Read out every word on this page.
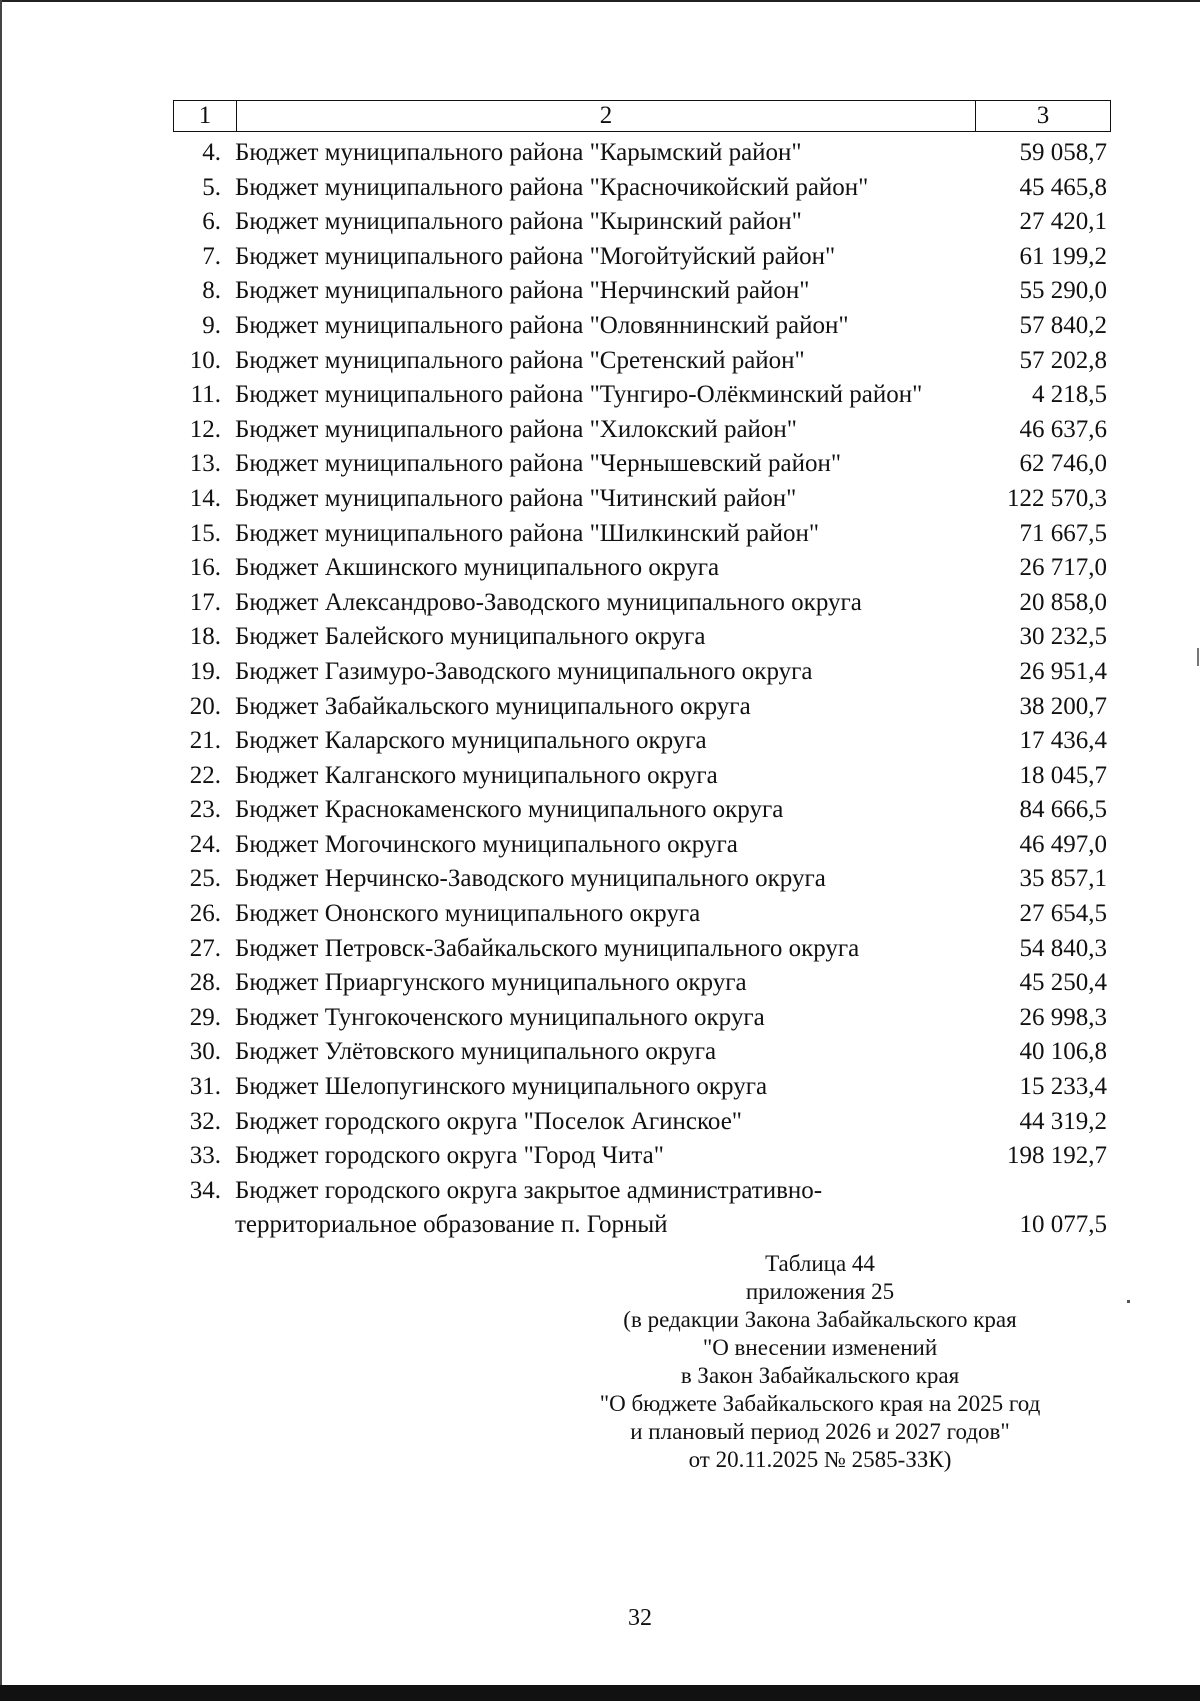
1	2	3
4. Бюджет муниципального района "Карымский район"	59 058,7
5. Бюджет муниципального района "Красночикойский район"	45 465,8
6. Бюджет муниципального района "Кыринский район"	27 420,1
7. Бюджет муниципального района "Могойтуйский район"	61 199,2
8. Бюджет муниципального района "Нерчинский район"	55 290,0
9. Бюджет муниципального района "Оловяннинский район"	57 840,2
10. Бюджет муниципального района "Сретенский район"	57 202,8
11. Бюджет муниципального района "Тунгиро-Олёкминский район"	4 218,5
12. Бюджет муниципального района "Хилокский район"	46 637,6
13. Бюджет муниципального района "Чернышевский район"	62 746,0
14. Бюджет муниципального района "Читинский район"	122 570,3
15. Бюджет муниципального района "Шилкинский район"	71 667,5
16. Бюджет Акшинского муниципального округа	26 717,0
17. Бюджет Александрово-Заводского муниципального округа	20 858,0
18. Бюджет Балейского муниципального округа	30 232,5
19. Бюджет Газимуро-Заводского муниципального округа	26 951,4
20. Бюджет Забайкальского муниципального округа	38 200,7
21. Бюджет Каларского муниципального округа	17 436,4
22. Бюджет Калганского муниципального округа	18 045,7
23. Бюджет Краснокаменского муниципального округа	84 666,5
24. Бюджет Могочинского муниципального округа	46 497,0
25. Бюджет Нерчинско-Заводского муниципального округа	35 857,1
26. Бюджет Ононского муниципального округа	27 654,5
27. Бюджет Петровск-Забайкальского муниципального округа	54 840,3
28. Бюджет Приаргунского муниципального округа	45 250,4
29. Бюджет Тунгокоченского муниципального округа	26 998,3
30. Бюджет Улётовского муниципального округа	40 106,8
31. Бюджет Шелопугинского муниципального округа	15 233,4
32. Бюджет городского округа "Поселок Агинское"	44 319,2
33. Бюджет городского округа "Город Чита"	198 192,7
34. Бюджет городского округа закрытое административно-
территориальное образование п. Горный	10 077,5
Таблица 44
приложения 25
(в редакции Закона Забайкальского края
"О внесении изменений
в Закон Забайкальского края
"О бюджете Забайкальского края на 2025 год
и плановый период 2026 и 2027 годов"
от 20.11.2025 № 2585-ЗЗК)
32
